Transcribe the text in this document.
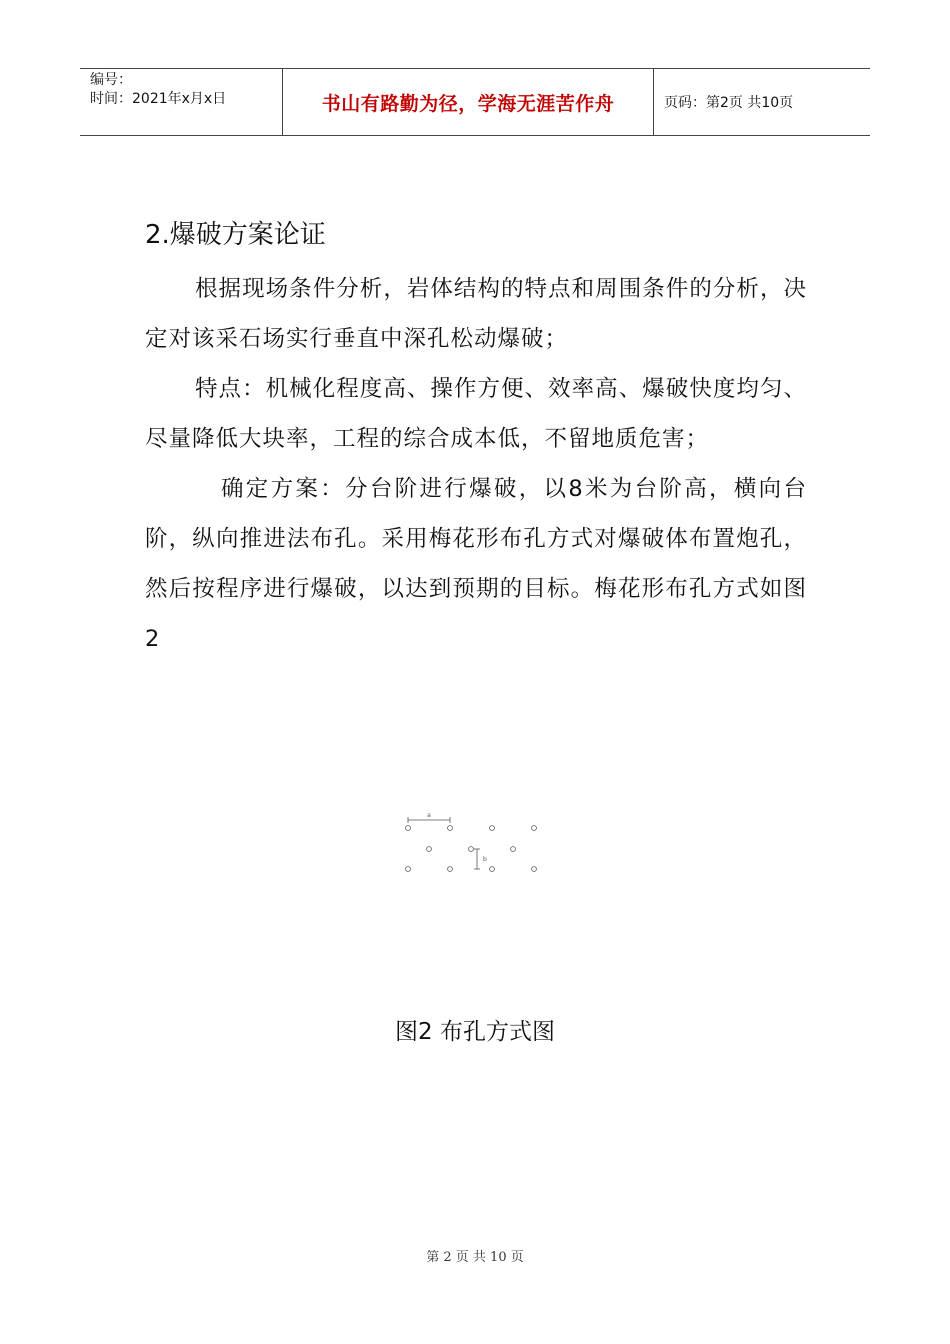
编号：
时间：2021年x月x日	书山有路勤为径，学海无涯苦作舟	页码：第2页 共10页
2.爆破方案论证

根据现场条件分析，岩体结构的特点和周围条件的分析，决定对该采石场实行垂直中深孔松动爆破；

特点：机械化程度高、操作方便、效率高、爆破快度均匀、尽量降低大块率，工程的综合成本低，不留地质危害；

确定方案：分台阶进行爆破，以8米为台阶高，横向台阶，纵向推进法布孔。采用梅花形布孔方式对爆破体布置炮孔，然后按程序进行爆破，以达到预期的目标。梅花形布孔方式如图2

a
b
图2 布孔方式图
第 2 页 共 10 页
